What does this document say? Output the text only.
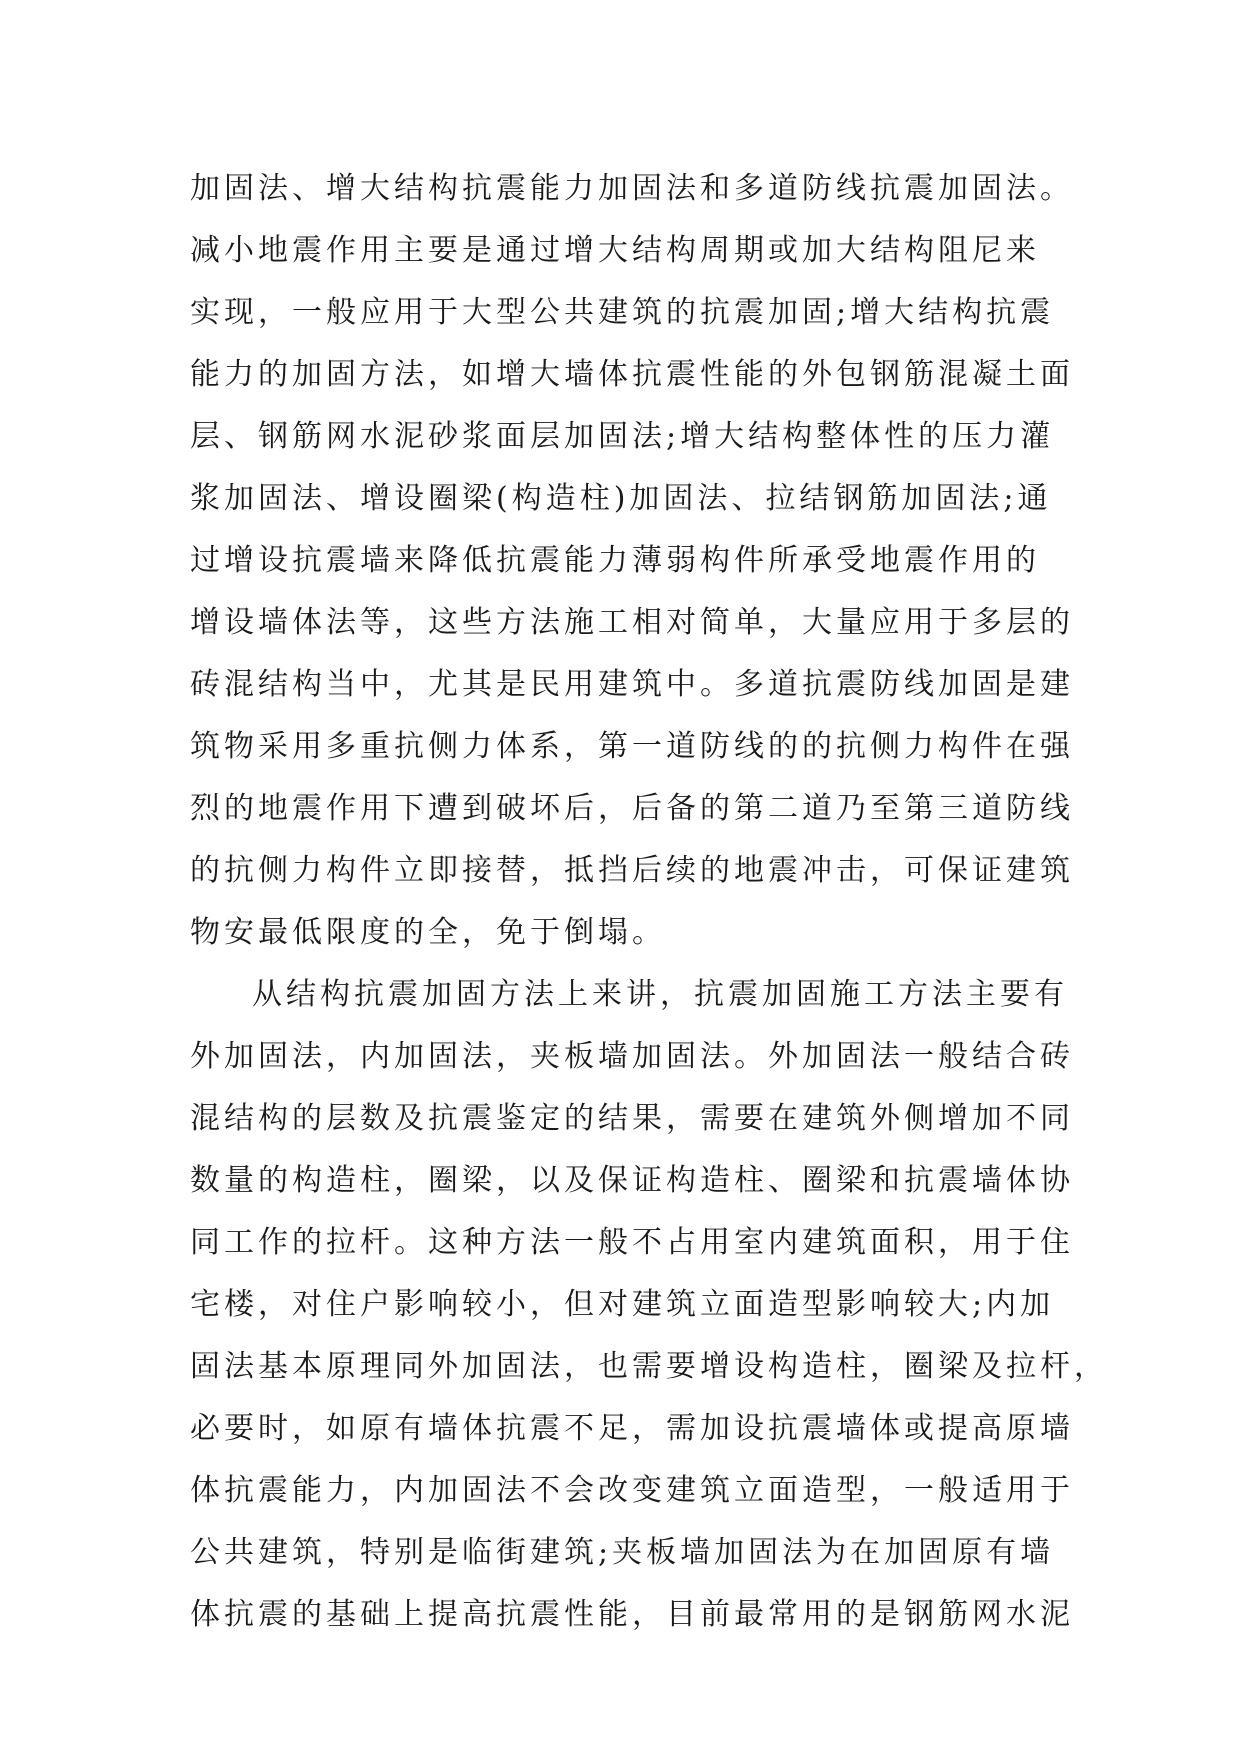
加固法、增大结构抗震能力加固法和多道防线抗震加固法。
减小地震作用主要是通过增大结构周期或加大结构阻尼来
实现，一般应用于大型公共建筑的抗震加固;增大结构抗震
能力的加固方法，如增大墙体抗震性能的外包钢筋混凝土面
层、钢筋网水泥砂浆面层加固法;增大结构整体性的压力灌
浆加固法、增设圈梁(构造柱)加固法、拉结钢筋加固法;通
过增设抗震墙来降低抗震能力薄弱构件所承受地震作用的
增设墙体法等，这些方法施工相对简单，大量应用于多层的
砖混结构当中，尤其是民用建筑中。多道抗震防线加固是建
筑物采用多重抗侧力体系，第一道防线的的抗侧力构件在强
烈的地震作用下遭到破坏后，后备的第二道乃至第三道防线
的抗侧力构件立即接替，抵挡后续的地震冲击，可保证建筑
物安最低限度的全，免于倒塌。
从结构抗震加固方法上来讲，抗震加固施工方法主要有
外加固法，内加固法，夹板墙加固法。外加固法一般结合砖
混结构的层数及抗震鉴定的结果，需要在建筑外侧增加不同
数量的构造柱，圈梁，以及保证构造柱、圈梁和抗震墙体协
同工作的拉杆。这种方法一般不占用室内建筑面积，用于住
宅楼，对住户影响较小，但对建筑立面造型影响较大;内加
固法基本原理同外加固法，也需要增设构造柱，圈梁及拉杆，
必要时，如原有墙体抗震不足，需加设抗震墙体或提高原墙
体抗震能力，内加固法不会改变建筑立面造型，一般适用于
公共建筑，特别是临街建筑;夹板墙加固法为在加固原有墙
体抗震的基础上提高抗震性能，目前最常用的是钢筋网水泥
